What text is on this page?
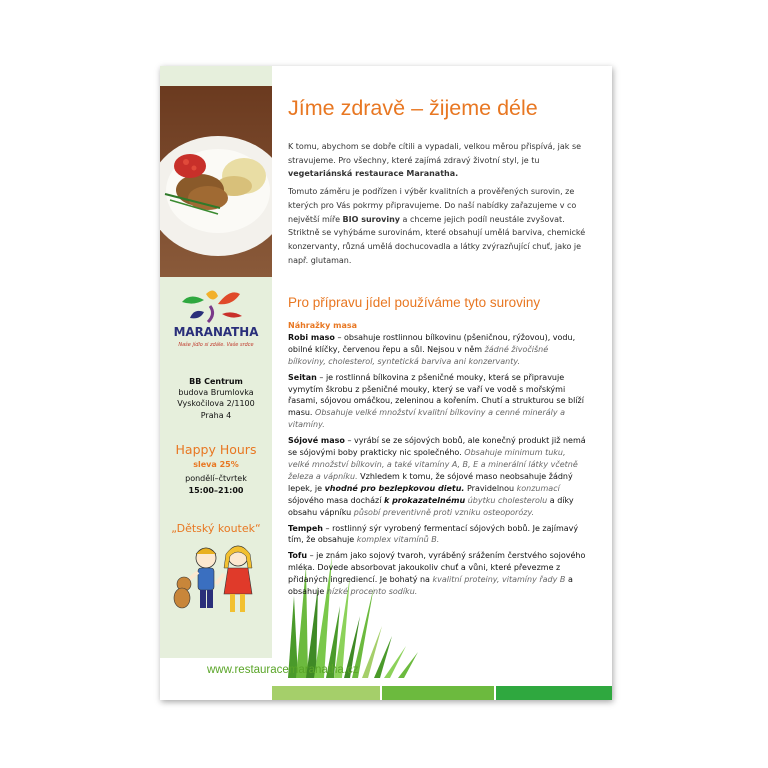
MARANATHA
Naše jídlo si zdále. Vaše srdce
BB Centrum
budova Brumlovka
Vyskočilova 2/1100
Praha 4
Happy Hours
sleva 25%
pondělí–čtvrtek
15:00–21:00
„Dětský koutek“
Jíme zdravě – žijeme déle

K tomu, abychom se dobře cítili a vypadali, velkou měrou přispívá, jak se stravujeme. Pro všechny, které zajímá zdravý životní styl, je tu vegetariánská restaurace Maranatha.

Tomuto záměru je podřízen i výběr kvalitních a prověřených surovin, ze kterých pro Vás pokrmy připravujeme. Do naší nabídky zařazujeme v co největší míře BIO suroviny a chceme jejich podíl neustále zvyšovat. Striktně se vyhýbáme surovinám, které obsahují umělá barviva, chemické konzervanty, různá umělá dochucovadla a látky zvýrazňující chuť, jako je např. glutaman.

Pro přípravu jídel používáme tyto suroviny

Náhražky masa

Robi maso – obsahuje rostlinnou bílkovinu (pšeničnou, rýžovou), vodu, obilné klíčky, červenou řepu a sůl. Nejsou v něm žádné živočišné bílkoviny, cholesterol, syntetická barviva ani konzervanty.

Seitan – je rostlinná bílkovina z pšeničné mouky, která se připravuje vymytím škrobu z pšeničné mouky, který se vaří ve vodě s mořskými řasami, sójovou omáčkou, zeleninou a kořením. Chutí a strukturou se blíží masu. Obsahuje velké množství kvalitní bílkoviny a cenné minerály a vitamíny.

Sójové maso – vyrábí se ze sójových bobů, ale konečný produkt již nemá se sójovými boby prakticky nic společného. Obsahuje minimum tuku, velké množství bílkovin, a také vitamíny A, B, E a minerální látky včetně železa a vápníku. Vzhledem k tomu, že sójové maso neobsahuje žádný lepek, je vhodné pro bezlepkovou dietu. Pravidelnou konzumací sójového masa dochází k prokazatelnému úbytku cholesterolu a díky obsahu vápníku působí preventivně proti vzniku osteoporózy.

Tempeh – rostlinný sýr vyrobený fermentací sójových bobů. Je zajímavý tím, že obsahuje komplex vitamínů B.

Tofu – je znám jako sojový tvaroh, vyráběný srážením čerstvého sojového mléka. Dovede absorbovat jakoukoliv chuť a vůni, které převezme z přidaných ingrediencí. Je bohatý na kvalitní proteiny, vitamíny řady B a obsahuje nízké procento sodíku.

www.restauracemaranatha.cz
